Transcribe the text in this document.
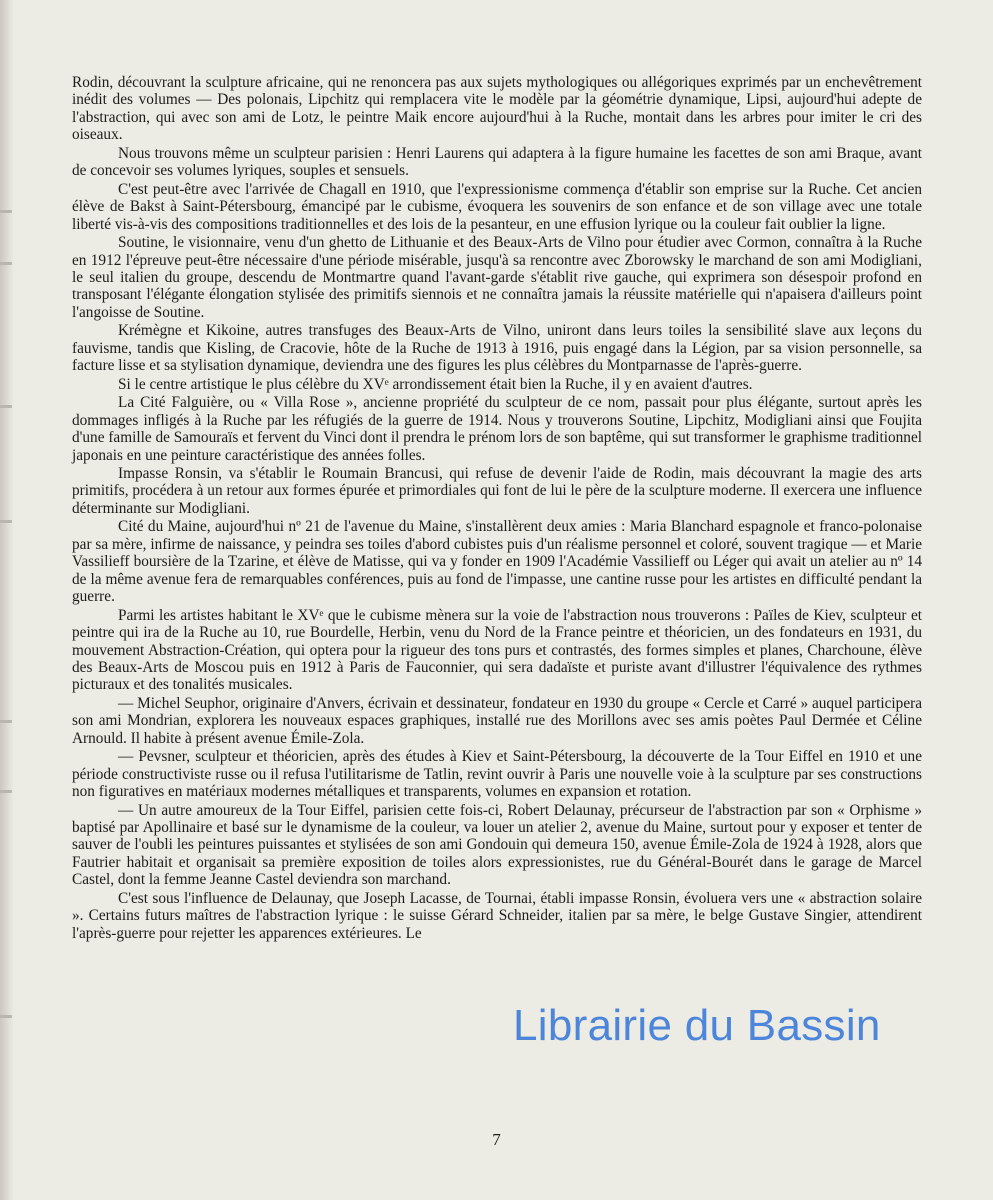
Rodin, découvrant la sculpture africaine, qui ne renoncera pas aux sujets mythologiques ou allégoriques exprimés par un enchevêtrement inédit des volumes — Des polonais, Lipchitz qui remplacera vite le modèle par la géométrie dynamique, Lipsi, aujourd'hui adepte de l'abstraction, qui avec son ami de Lotz, le peintre Maik encore aujourd'hui à la Ruche, montait dans les arbres pour imiter le cri des oiseaux.

Nous trouvons même un sculpteur parisien : Henri Laurens qui adaptera à la figure humaine les facettes de son ami Braque, avant de concevoir ses volumes lyriques, souples et sensuels.

C'est peut-être avec l'arrivée de Chagall en 1910, que l'expressionisme commença d'établir son emprise sur la Ruche. Cet ancien élève de Bakst à Saint-Pétersbourg, émancipé par le cubisme, évoquera les souvenirs de son enfance et de son village avec une totale liberté vis-à-vis des compositions traditionnelles et des lois de la pesanteur, en une effusion lyrique ou la couleur fait oublier la ligne.

Soutine, le visionnaire, venu d'un ghetto de Lithuanie et des Beaux-Arts de Vilno pour étudier avec Cormon, connaîtra à la Ruche en 1912 l'épreuve peut-être nécessaire d'une période misérable, jusqu'à sa rencontre avec Zborowsky le marchand de son ami Modigliani, le seul italien du groupe, descendu de Montmartre quand l'avant-garde s'établit rive gauche, qui exprimera son désespoir profond en transposant l'élégante élongation stylisée des primitifs siennois et ne connaîtra jamais la réussite matérielle qui n'apaisera d'ailleurs point l'angoisse de Soutine.

Krémègne et Kikoine, autres transfuges des Beaux-Arts de Vilno, uniront dans leurs toiles la sensibilité slave aux leçons du fauvisme, tandis que Kisling, de Cracovie, hôte de la Ruche de 1913 à 1916, puis engagé dans la Légion, par sa vision personnelle, sa facture lisse et sa stylisation dynamique, deviendra une des figures les plus célèbres du Montparnasse de l'après-guerre.

Si le centre artistique le plus célèbre du XVᵉ arrondissement était bien la Ruche, il y en avaient d'autres.

La Cité Falguière, ou « Villa Rose », ancienne propriété du sculpteur de ce nom, passait pour plus élégante, surtout après les dommages infligés à la Ruche par les réfugiés de la guerre de 1914. Nous y trouverons Soutine, Lipchitz, Modigliani ainsi que Foujita d'une famille de Samouraïs et fervent du Vinci dont il prendra le prénom lors de son baptême, qui sut transformer le graphisme traditionnel japonais en une peinture caractéristique des années folles.

Impasse Ronsin, va s'établir le Roumain Brancusi, qui refuse de devenir l'aide de Rodin, mais découvrant la magie des arts primitifs, procédera à un retour aux formes épurée et primordiales qui font de lui le père de la sculpture moderne. Il exercera une influence déterminante sur Modigliani.

Cité du Maine, aujourd'hui nº 21 de l'avenue du Maine, s'installèrent deux amies : Maria Blanchard espagnole et franco-polonaise par sa mère, infirme de naissance, y peindra ses toiles d'abord cubistes puis d'un réalisme personnel et coloré, souvent tragique — et Marie Vassilieff boursière de la Tzarine, et élève de Matisse, qui va y fonder en 1909 l'Académie Vassilieff ou Léger qui avait un atelier au nº 14 de la même avenue fera de remarquables conférences, puis au fond de l'impasse, une cantine russe pour les artistes en difficulté pendant la guerre.

Parmi les artistes habitant le XVᵉ que le cubisme mènera sur la voie de l'abstraction nous trouverons : Païles de Kiev, sculpteur et peintre qui ira de la Ruche au 10, rue Bourdelle, Herbin, venu du Nord de la France peintre et théoricien, un des fondateurs en 1931, du mouvement Abstraction-Création, qui optera pour la rigueur des tons purs et contrastés, des formes simples et planes, Charchoune, élève des Beaux-Arts de Moscou puis en 1912 à Paris de Fauconnier, qui sera dadaïste et puriste avant d'illustrer l'équivalence des rythmes picturaux et des tonalités musicales.

— Michel Seuphor, originaire d'Anvers, écrivain et dessinateur, fondateur en 1930 du groupe « Cercle et Carré » auquel participera son ami Mondrian, explorera les nouveaux espaces graphiques, installé rue des Morillons avec ses amis poètes Paul Dermée et Céline Arnould. Il habite à présent avenue Émile-Zola.

— Pevsner, sculpteur et théoricien, après des études à Kiev et Saint-Pétersbourg, la découverte de la Tour Eiffel en 1910 et une période constructiviste russe ou il refusa l'utilitarisme de Tatlin, revint ouvrir à Paris une nouvelle voie à la sculpture par ses constructions non figuratives en matériaux modernes métalliques et transparents, volumes en expansion et rotation.

— Un autre amoureux de la Tour Eiffel, parisien cette fois-ci, Robert Delaunay, précurseur de l'abstraction par son « Orphisme » baptisé par Apollinaire et basé sur le dynamisme de la couleur, va louer un atelier 2, avenue du Maine, surtout pour y exposer et tenter de sauver de l'oubli les peintures puissantes et stylisées de son ami Gondouin qui demeura 150, avenue Émile-Zola de 1924 à 1928, alors que Fautrier habitait et organisait sa première exposition de toiles alors expressionistes, rue du Général-Bourét dans le garage de Marcel Castel, dont la femme Jeanne Castel deviendra son marchand.

C'est sous l'influence de Delaunay, que Joseph Lacasse, de Tournai, établi impasse Ronsin, évoluera vers une « abstraction solaire ». Certains futurs maîtres de l'abstraction lyrique : le suisse Gérard Schneider, italien par sa mère, le belge Gustave Singier, attendirent l'après-guerre pour rejetter les apparences extérieures. Le

7
Librairie du Bassin
